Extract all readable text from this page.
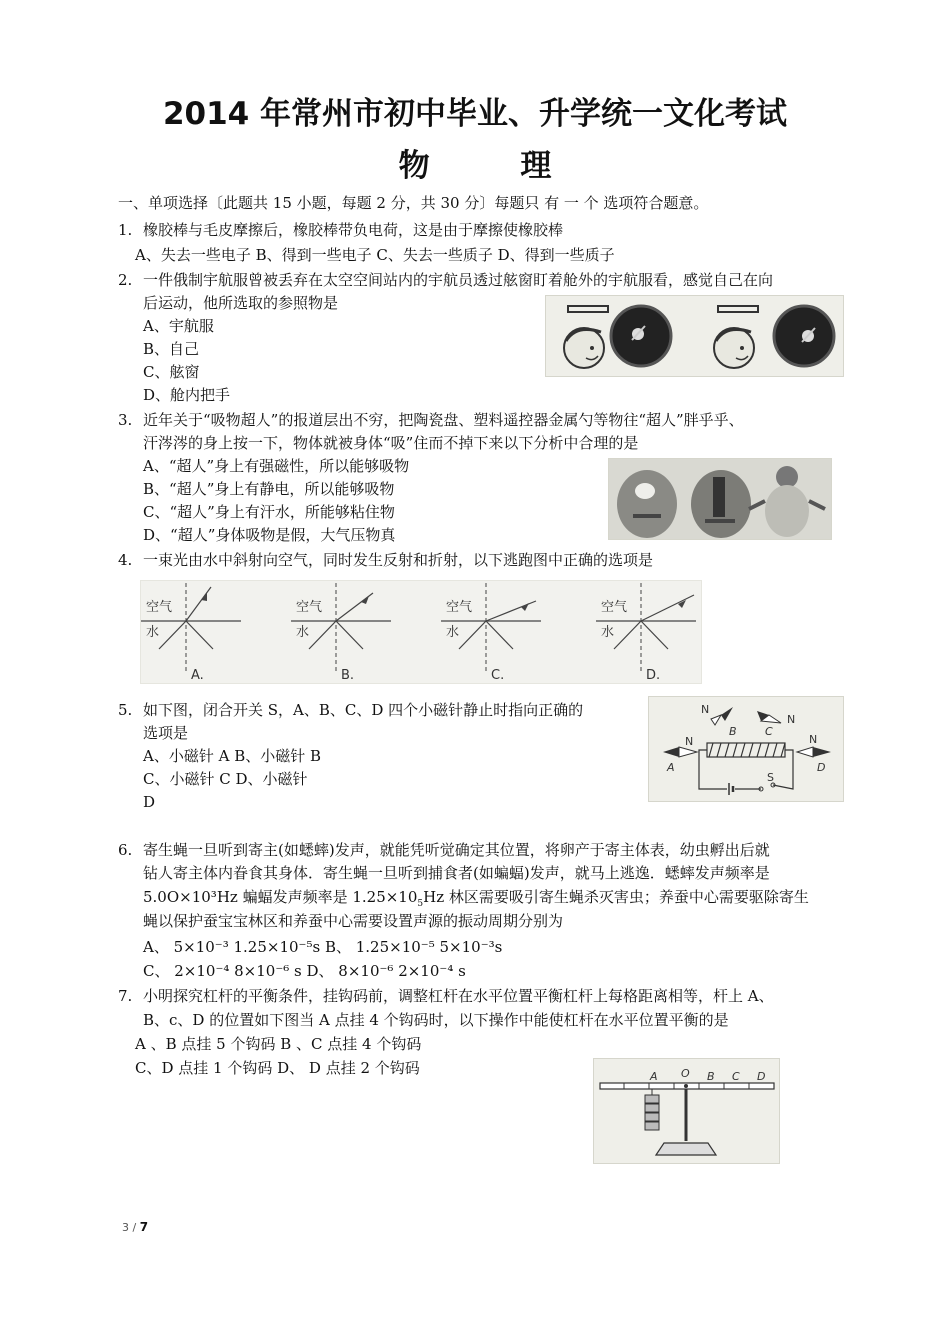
2014 年常州市初中毕业、升学统一文化考试
物 理
一、单项选择〔此题共 15 小题，每题 2 分，共 30 分〕每题只 有 一 个 选项符合题意。
1. 橡胶棒与毛皮摩擦后，橡胶棒带负电荷，这是由于摩擦使橡胶棒
A、失去一些电子 B、得到一些电子 C、失去一些质子 D、得到一些质子
2. 一件俄制宇航服曾被丢弃在太空空间站内的宇航员透过舷窗盯着舱外的宇航服看，感觉自己在向
后运动，他所选取的参照物是
A、宇航服
B、自己
C、舷窗
D、舱内把手
3. 近年关于“吸物超人”的报道层出不穷，把陶瓷盘、塑料遥控器金属勺等物往“超人”胖乎乎、
汗涔涔的身上按一下，物体就被身体“吸”住而不掉下来以下分析中合理的是
A、“超人”身上有强磁性，所以能够吸物
B、“超人”身上有静电，所以能够吸物
C、“超人”身上有汗水，所能够粘住物
D、“超人”身体吸物是假，大气压物真
4. 一束光由水中斜射向空气，同时发生反射和折射，以下逃跑图中正确的选项是
空气
水
A.
空气
水
B.
空气
水
C.
空气
水
D.
5. 如下图，闭合开关 S，A、B、C、D 四个小磁针静止时指向正确的
选项是
A、小磁针 A B、小磁针 B
C、小磁针 C D、小磁针
D
N
A
N
B
N
C
N
D
S
6. 寄生蝇一旦听到寄主(如蟋蟀)发声，就能凭听觉确定其位置，将卵产于寄主体表，幼虫孵出后就
钻人寄主体内眷食其身体．寄生蝇一旦听到捕食者(如蝙蝠)发声，就马上逃逸．蟋蟀发声频率是
5.0O×10³Hz 蝙蝠发声频率是 $1.25\times 10_5Hz$ 林区需要吸引寄生蝇杀灭害虫；养蚕中心需要驱除寄生
蝇以保护蚕宝宝林区和养蚕中心需要设置声源的振动周期分别为
A、 5×10⁻³ 1.25×10⁻⁵s B、 1.25×10⁻⁵ 5×10⁻³s
C、 2×10⁻⁴ 8×10⁻⁶ s D、 8×10⁻⁶ 2×10⁻⁴ s
7. 小明探究杠杆的平衡条件，挂钩码前，调整杠杆在水平位置平衡杠杆上每格距离相等，杆上 A、
B、c、D 的位置如下图当 A 点挂 4 个钩码时，以下操作中能使杠杆在水平位置平衡的是
A 、B 点挂 5 个钩码 B 、C 点挂 4 个钩码
C、D 点挂 1 个钩码 D、 D 点挂 2 个钩码	A O B C D
3 / 7
